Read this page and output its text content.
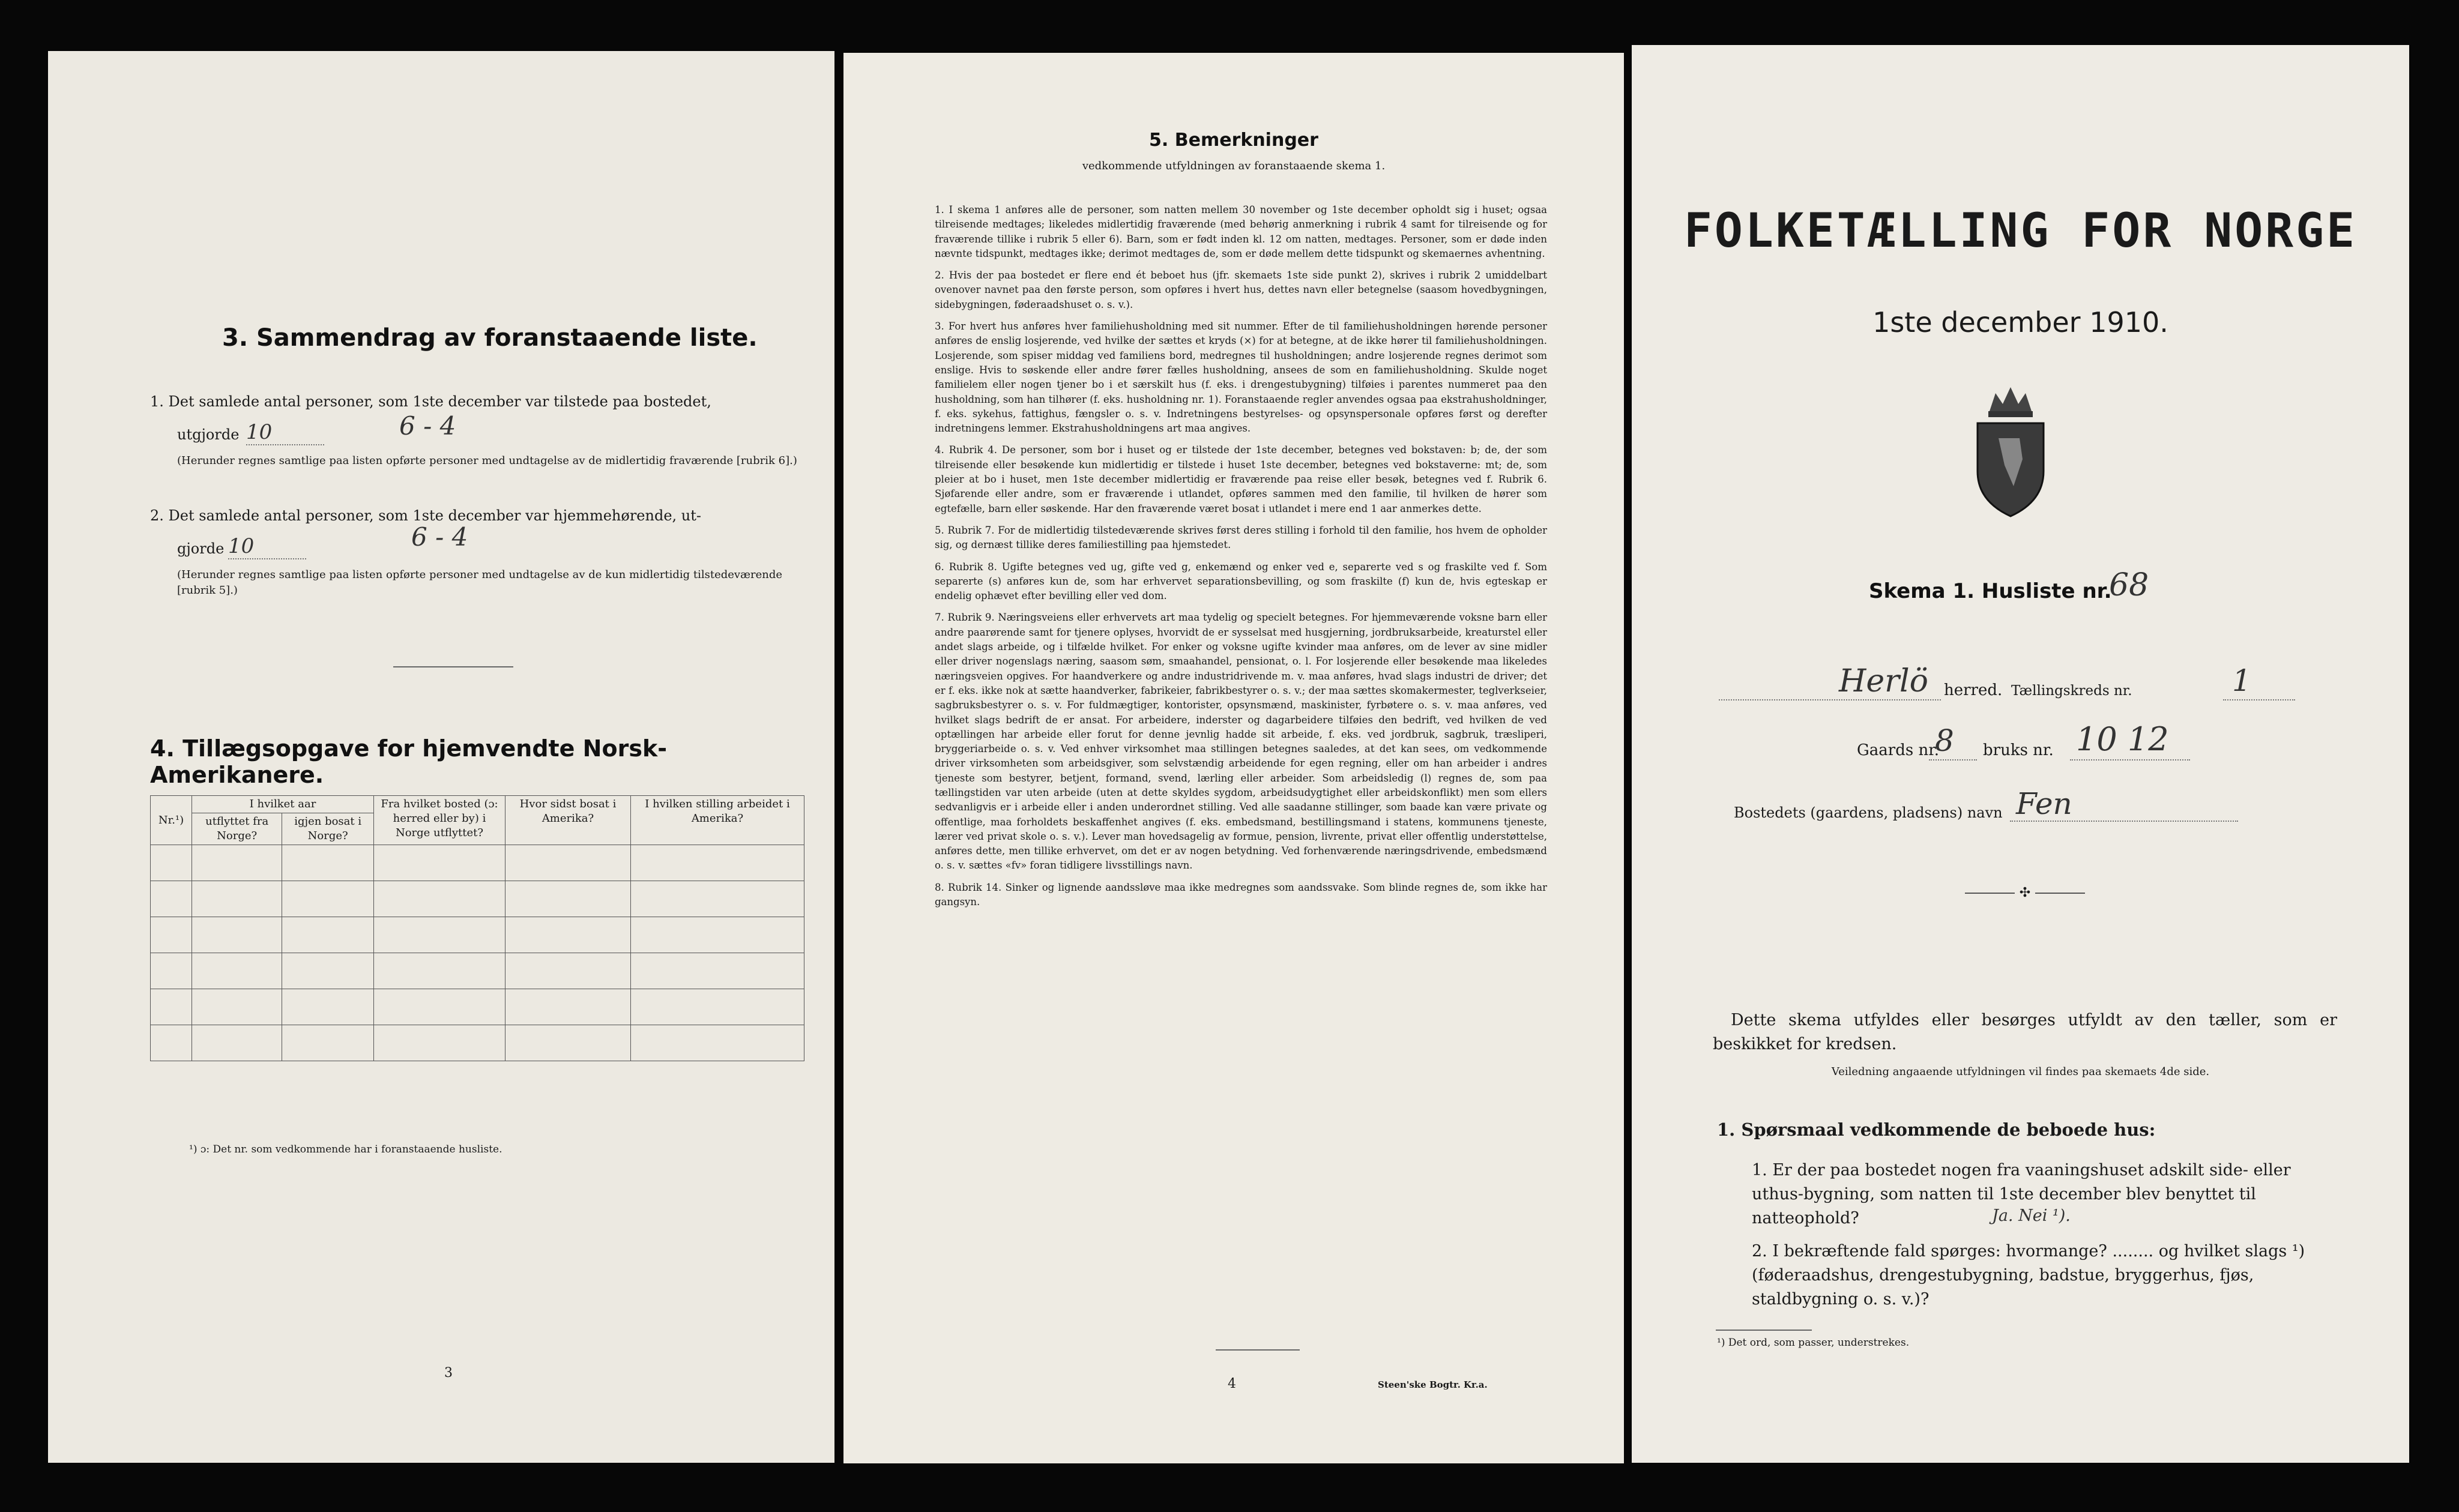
3. Sammendrag av foranstaaende liste.
1. Det samlede antal personer, som 1ste december var tilstede paa bostedet,
utgjorde 10	6 - 4
(Herunder regnes samtlige paa listen opførte personer med undtagelse av de midlertidig fraværende [rubrik 6].)
2. Det samlede antal personer, som 1ste december var hjemmehørende, ut-
gjorde 10	6 - 4
(Herunder regnes samtlige paa listen opførte personer med undtagelse av de kun midlertidig tilstedeværende [rubrik 5].)
4. Tillægsopgave for hjemvendte Norsk-Amerikanere.
Nr.¹)	I hvilket aar		Fra hvilket bosted (ɔ: herred eller by) i Norge utflyttet?	Hvor sidst bosat i Amerika?	I hvilken stilling arbeidet i Amerika?
	utflyttet fra Norge?	igjen bosat i Norge?			

¹) ɔ: Det nr. som vedkommende har i foranstaaende husliste.
3
5. Bemerkninger
vedkommende utfyldningen av foranstaaende skema 1.
1. I skema 1 anføres alle de personer, som natten mellem 30 november og 1ste december opholdt sig i huset; ogsaa tilreisende medtages; likeledes midlertidig fraværende (med behørig anmerkning i rubrik 4 samt for tilreisende og for fraværende tillike i rubrik 5 eller 6). Barn, som er født inden kl. 12 om natten, medtages. Personer, som er døde inden nævnte tidspunkt, medtages ikke; derimot medtages de, som er døde mellem dette tidspunkt og skemaernes avhentning.
2. Hvis der paa bostedet er flere end ét beboet hus (jfr. skemaets 1ste side punkt 2), skrives i rubrik 2 umiddelbart ovenover navnet paa den første person, som opføres i hvert hus, dettes navn eller betegnelse (saasom hovedbygningen, sidebygningen, føderaadshuset o. s. v.).
3. For hvert hus anføres hver familiehusholdning med sit nummer. Efter de til familiehusholdningen hørende personer anføres de enslig losjerende, ved hvilke der sættes et kryds (×) for at betegne, at de ikke hører til familiehusholdningen. Losjerende, som spiser middag ved familiens bord, medregnes til husholdningen; andre losjerende regnes derimot som enslige. Hvis to søskende eller andre fører fælles husholdning, ansees de som en familiehusholdning. Skulde noget familielem eller nogen tjener bo i et særskilt hus (f. eks. i drengestubygning) tilføies i parentes nummeret paa den husholdning, som han tilhører (f. eks. husholdning nr. 1). Foranstaaende regler anvendes ogsaa paa ekstrahusholdninger, f. eks. sykehus, fattighus, fængsler o. s. v. Indretningens bestyrelses- og opsynspersonale opføres først og derefter indretningens lemmer. Ekstrahusholdningens art maa angives.
4. Rubrik 4. De personer, som bor i huset og er tilstede der 1ste december, betegnes ved bokstaven: b; de, der som tilreisende eller besøkende kun midlertidig er tilstede i huset 1ste december, betegnes ved bokstaverne: mt; de, som pleier at bo i huset, men 1ste december midlertidig er fraværende paa reise eller besøk, betegnes ved f. Rubrik 6. Sjøfarende eller andre, som er fraværende i utlandet, opføres sammen med den familie, til hvilken de hører som egtefælle, barn eller søskende. Har den fraværende været bosat i utlandet i mere end 1 aar anmerkes dette.
5. Rubrik 7. For de midlertidig tilstedeværende skrives først deres stilling i forhold til den familie, hos hvem de opholder sig, og dernæst tillike deres familiestilling paa hjemstedet.
6. Rubrik 8. Ugifte betegnes ved ug, gifte ved g, enkemænd og enker ved e, separerte ved s og fraskilte ved f. Som separerte (s) anføres kun de, som har erhvervet separationsbevilling, og som fraskilte (f) kun de, hvis egteskap er endelig ophævet efter bevilling eller ved dom.
7. Rubrik 9. Næringsveiens eller erhvervets art maa tydelig og specielt betegnes. For hjemmeværende voksne barn eller andre paarørende samt for tjenere oplyses, hvorvidt de er sysselsat med husgjerning, jordbruksarbeide, kreaturstel eller andet slags arbeide, og i tilfælde hvilket. For enker og voksne ugifte kvinder maa anføres, om de lever av sine midler eller driver nogenslags næring, saasom søm, smaahandel, pensionat, o. l. For losjerende eller besøkende maa likeledes næringsveien opgives. For haandverkere og andre industridrivende m. v. maa anføres, hvad slags industri de driver; det er f. eks. ikke nok at sætte haandverker, fabrikeier, fabrikbestyrer o. s. v.; der maa sættes skomakermester, teglverkseier, sagbruksbestyrer o. s. v. For fuldmægtiger, kontorister, opsynsmænd, maskinister, fyrbøtere o. s. v. maa anføres, ved hvilket slags bedrift de er ansat. For arbeidere, inderster og dagarbeidere tilføies den bedrift, ved hvilken de ved optællingen har arbeide eller forut for denne jevnlig hadde sit arbeide, f. eks. ved jordbruk, sagbruk, træsliperi, bryggeriarbeide o. s. v. Ved enhver virksomhet maa stillingen betegnes saaledes, at det kan sees, om vedkommende driver virksomheten som arbeidsgiver, som selvstændig arbeidende for egen regning, eller om han arbeider i andres tjeneste som bestyrer, betjent, formand, svend, lærling eller arbeider. Som arbeidsledig (l) regnes de, som paa tællingstiden var uten arbeide (uten at dette skyldes sygdom, arbeidsudygtighet eller arbeidskonflikt) men som ellers sedvanligvis er i arbeide eller i anden underordnet stilling. Ved alle saadanne stillinger, som baade kan være private og offentlige, maa forholdets beskaffenhet angives (f. eks. embedsmand, bestillingsmand i statens, kommunens tjeneste, lærer ved privat skole o. s. v.). Lever man hovedsagelig av formue, pension, livrente, privat eller offentlig understøttelse, anføres dette, men tillike erhvervet, om det er av nogen betydning. Ved forhenværende næringsdrivende, embedsmænd o. s. v. sættes «fv» foran tidligere livsstillings navn.
8. Rubrik 14. Sinker og lignende aandssløve maa ikke medregnes som aandssvake. Som blinde regnes de, som ikke har gangsyn.
4	Steen'ske Bogtr. Kr.a.
FOLKETÆLLING FOR NORGE
1ste december 1910.
Skema 1. Husliste nr.
68
Herlö herred. Tællingskreds nr.	1
Gaards nr.
8 bruks nr. 10 12
Bostedets (gaardens, pladsens) navn Fen
✣
Dette skema utfyldes eller besørges utfyldt av den tæller, som er beskikket for kredsen.
Veiledning angaaende utfyldningen vil findes paa skemaets 4de side.
1. Spørsmaal vedkommende de beboede hus:
1. Er der paa bostedet nogen fra vaaningshuset adskilt side- eller uthus-bygning, som natten til 1ste december blev benyttet til natteophold?	Ja. Nei ¹).
2. I bekræftende fald spørges: hvormange? ........ og hvilket slags ¹) (føderaadshus, drengestubygning, badstue, bryggerhus, fjøs, staldbygning o. s. v.)?
¹) Det ord, som passer, understrekes.
